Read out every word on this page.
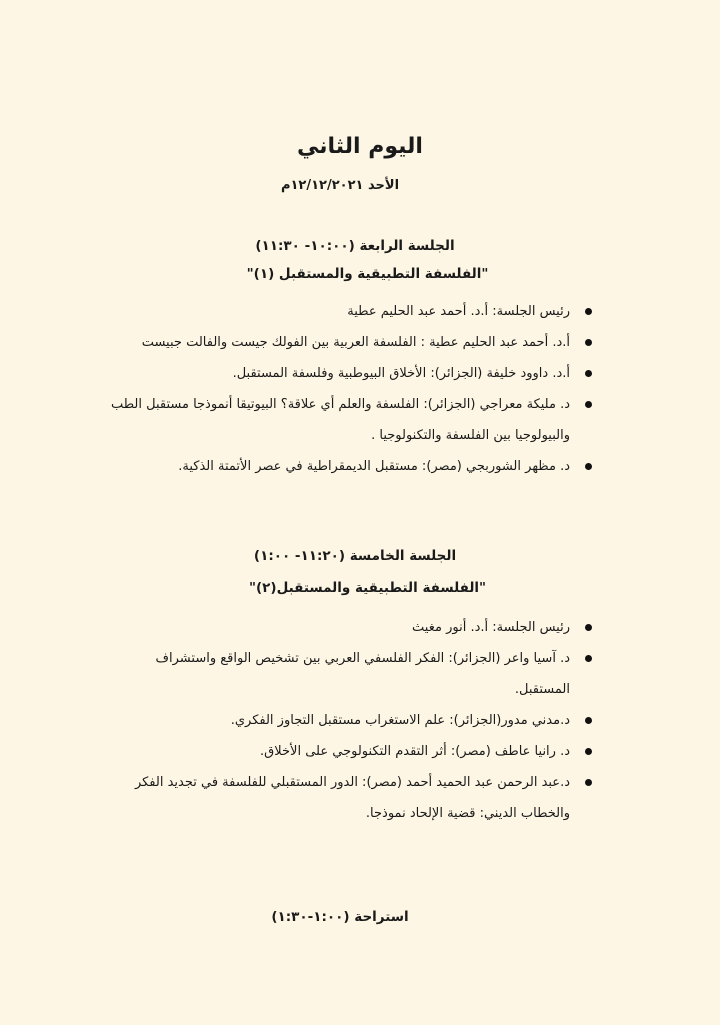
اليوم الثاني
الأحد ١٢/١٢/٢٠٢١م
الجلسة الرابعة (١٠:٠٠- ١١:٣٠)
"الفلسفة التطبيقية والمستقبل (١)"
رئيس الجلسة: أ.د. أحمد عبد الحليم عطية
أ.د. أحمد عبد الحليم عطية : الفلسفة العربية بين الفولك جيست والفالت جبيست
أ.د. داوود خليفة (الجزائر): الأخلاق البيوطبية وفلسفة المستقبل.
د. مليكة معراجي (الجزائر): الفلسفة والعلم أي علاقة؟ البيوتيقا أنموذجا مستقبل الطب والبيولوجيا بين الفلسفة والتكنولوجيا .
د. مظهر الشوربجي (مصر): مستقبل الديمقراطية في عصر الأتمتة الذكية.
الجلسة الخامسة (١١:٢٠- ١:٠٠)
"الفلسفة التطبيقية والمستقبل(٢)"
رئيس الجلسة: أ.د. أنور مغيث
د. آسيا واعر (الجزائر): الفكر الفلسفي العربي بين تشخيص الواقع واستشراف المستقبل.
د.مدني مدور(الجزائر): علم الاستغراب مستقبل التجاوز الفكري.
د. رانيا عاطف (مصر): أثر التقدم التكنولوجي على الأخلاق.
د.عبد الرحمن عبد الحميد أحمد (مصر): الدور المستقبلي للفلسفة في تجديد الفكر والخطاب الديني: قضية الإلحاد نموذجا.
استراحة (١:٠٠-١:٣٠)
